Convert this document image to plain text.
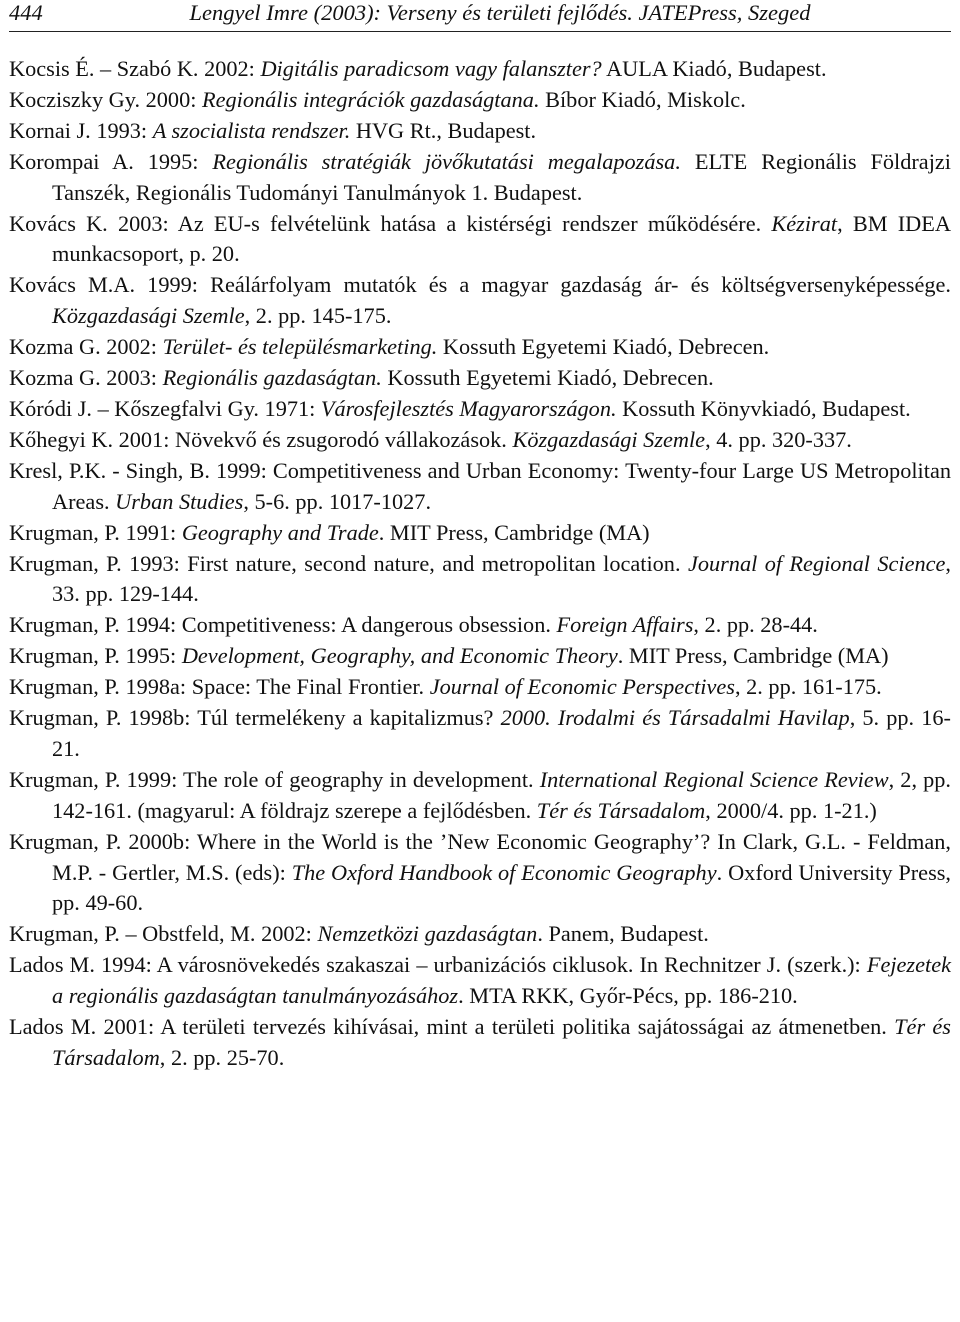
444	Lengyel Imre (2003): Verseny és területi fejlődés. JATEPress, Szeged
Kocsis É. – Szabó K. 2002: Digitális paradicsom vagy falanszter? AULA Kiadó, Budapest.
Kocziszky Gy. 2000: Regionális integrációk gazdaságtana. Bíbor Kiadó, Miskolc.
Kornai J. 1993: A szocialista rendszer. HVG Rt., Budapest.
Korompai A. 1995: Regionális stratégiák jövőkutatási megalapozása. ELTE Regionális Földrajzi Tanszék, Regionális Tudományi Tanulmányok 1. Budapest.
Kovács K. 2003: Az EU-s felvételünk hatása a kistérségi rendszer működésére. Kézirat, BM IDEA munkacsoport, p. 20.
Kovács M.A. 1999: Reálárfolyam mutatók és a magyar gazdaság ár- és költségversenyképessége. Közgazdasági Szemle, 2. pp. 145-175.
Kozma G. 2002: Terület- és településmarketing. Kossuth Egyetemi Kiadó, Debrecen.
Kozma G. 2003: Regionális gazdaságtan. Kossuth Egyetemi Kiadó, Debrecen.
Kóródi J. – Kőszegfalvi Gy. 1971: Városfejlesztés Magyarországon. Kossuth Könyvkiadó, Budapest.
Kőhegyi K. 2001: Növekvő és zsugorodó vállakozások. Közgazdasági Szemle, 4. pp. 320-337.
Kresl, P.K. - Singh, B. 1999: Competitiveness and Urban Economy: Twenty-four Large US Metropolitan Areas. Urban Studies, 5-6. pp. 1017-1027.
Krugman, P. 1991: Geography and Trade. MIT Press, Cambridge (MA)
Krugman, P. 1993: First nature, second nature, and metropolitan location. Journal of Regional Science, 33. pp. 129-144.
Krugman, P. 1994: Competitiveness: A dangerous obsession. Foreign Affairs, 2. pp. 28-44.
Krugman, P. 1995: Development, Geography, and Economic Theory. MIT Press, Cambridge (MA)
Krugman, P. 1998a: Space: The Final Frontier. Journal of Economic Perspectives, 2. pp. 161-175.
Krugman, P. 1998b: Túl termelékeny a kapitalizmus? 2000. Irodalmi és Társadalmi Havilap, 5. pp. 16-21.
Krugman, P. 1999: The role of geography in development. International Regional Science Review, 2, pp. 142-161. (magyarul: A földrajz szerepe a fejlődésben. Tér és Társadalom, 2000/4. pp. 1-21.)
Krugman, P. 2000b: Where in the World is the ’New Economic Geography’? In Clark, G.L. - Feldman, M.P. - Gertler, M.S. (eds): The Oxford Handbook of Economic Geography. Oxford University Press, pp. 49-60.
Krugman, P. – Obstfeld, M. 2002: Nemzetközi gazdaságtan. Panem, Budapest.
Lados M. 1994: A városnövekedés szakaszai – urbanizációs ciklusok. In Rechnitzer J. (szerk.): Fejezetek a regionális gazdaságtan tanulmányozásához. MTA RKK, Győr-Pécs, pp. 186-210.
Lados M. 2001: A területi tervezés kihívásai, mint a területi politika sajátosságai az átmenetben. Tér és Társadalom, 2. pp. 25-70.
